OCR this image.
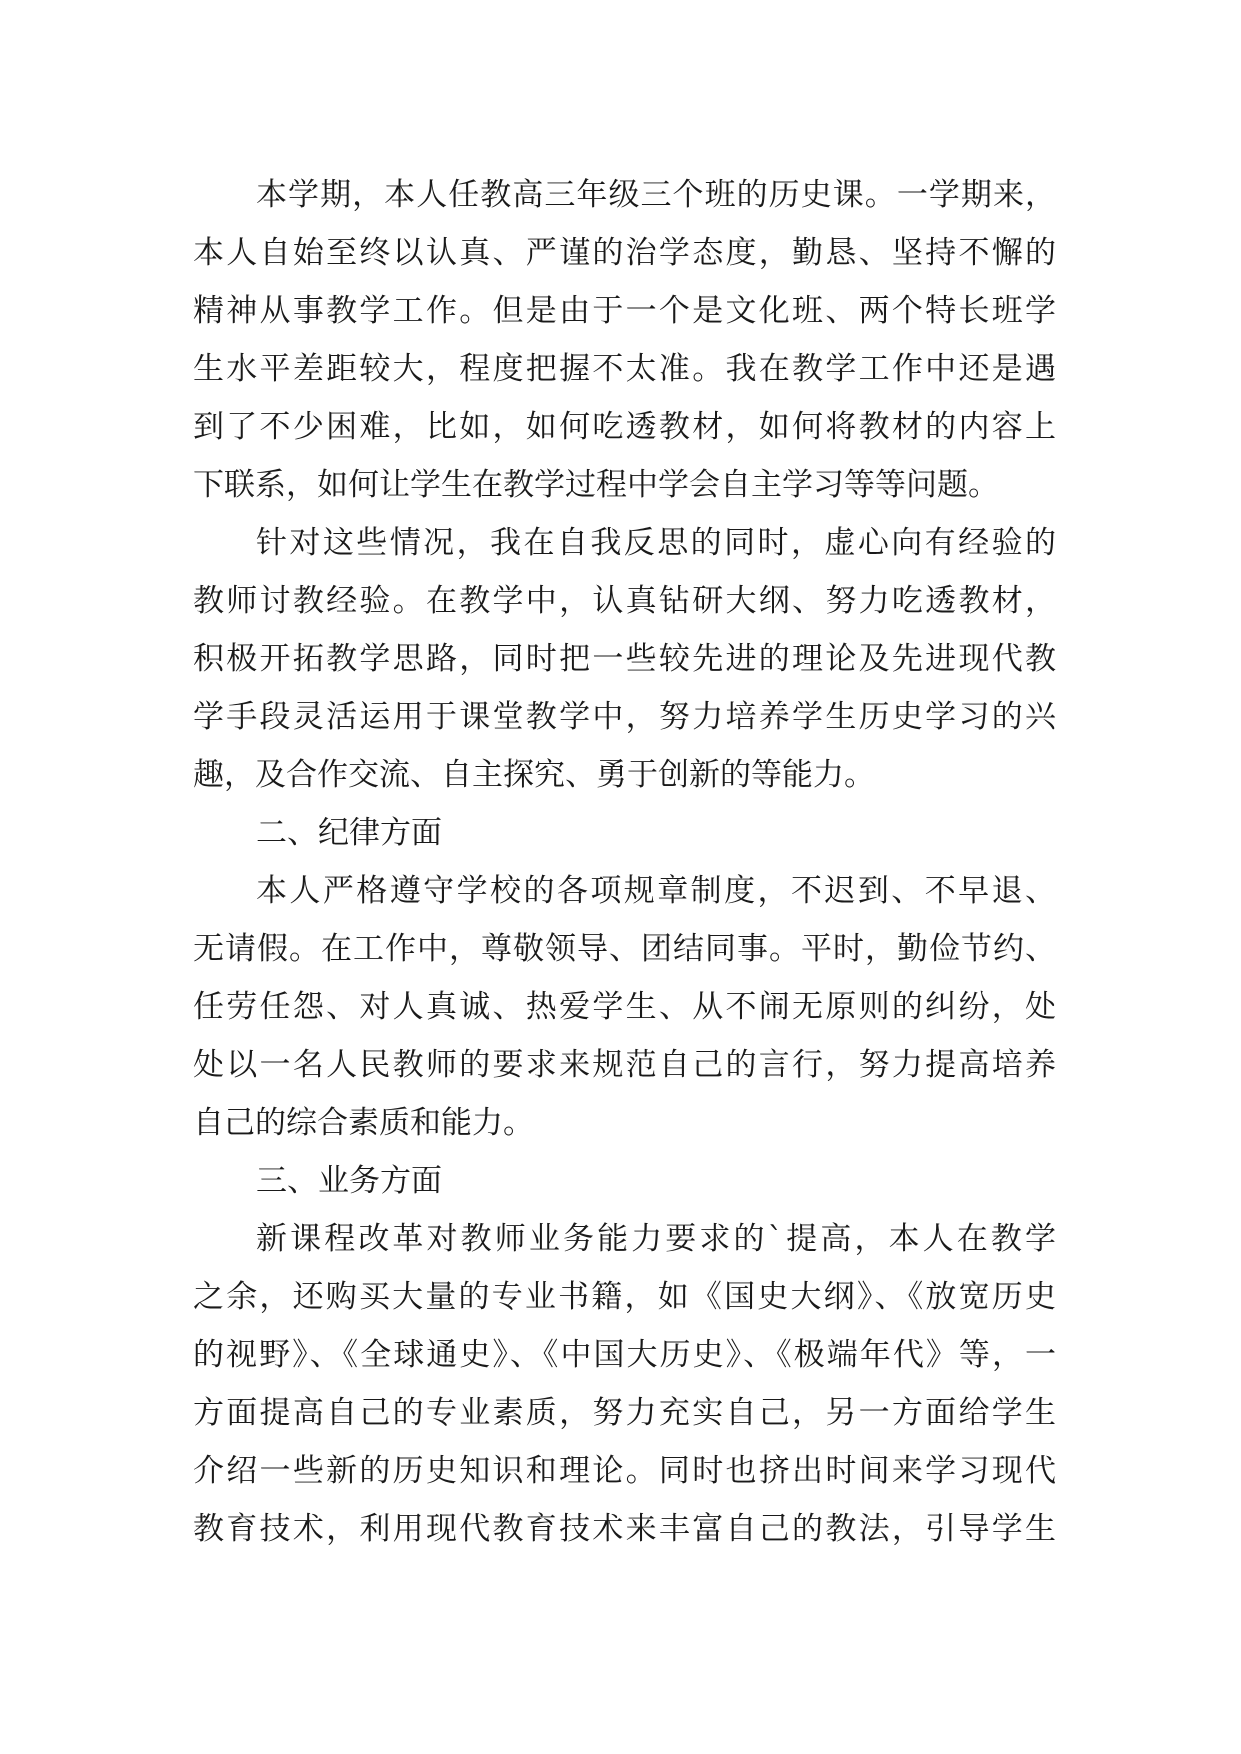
本学期，本人任教高三年级三个班的历史课。一学期来，
本人自始至终以认真、严谨的治学态度，勤恳、坚持不懈的
精神从事教学工作。但是由于一个是文化班、两个特长班学
生水平差距较大，程度把握不太准。我在教学工作中还是遇
到了不少困难，比如，如何吃透教材，如何将教材的内容上
下联系，如何让学生在教学过程中学会自主学习等等问题。
针对这些情况，我在自我反思的同时，虚心向有经验的
教师讨教经验。在教学中，认真钻研大纲、努力吃透教材，
积极开拓教学思路，同时把一些较先进的理论及先进现代教
学手段灵活运用于课堂教学中，努力培养学生历史学习的兴
趣，及合作交流、自主探究、勇于创新的等能力。
二、纪律方面
本人严格遵守学校的各项规章制度，不迟到、不早退、
无请假。在工作中，尊敬领导、团结同事。平时，勤俭节约、
任劳任怨、对人真诚、热爱学生、从不闹无原则的纠纷，处
处以一名人民教师的要求来规范自己的言行，努力提高培养
自己的综合素质和能力。
三、业务方面
新课程改革对教师业务能力要求的`提高，本人在教学
之余，还购买大量的专业书籍，如《国史大纲》、《放宽历史
的视野》、《全球通史》、《中国大历史》、《极端年代》等，一
方面提高自己的专业素质，努力充实自己，另一方面给学生
介绍一些新的历史知识和理论。同时也挤出时间来学习现代
教育技术，利用现代教育技术来丰富自己的教法，引导学生
